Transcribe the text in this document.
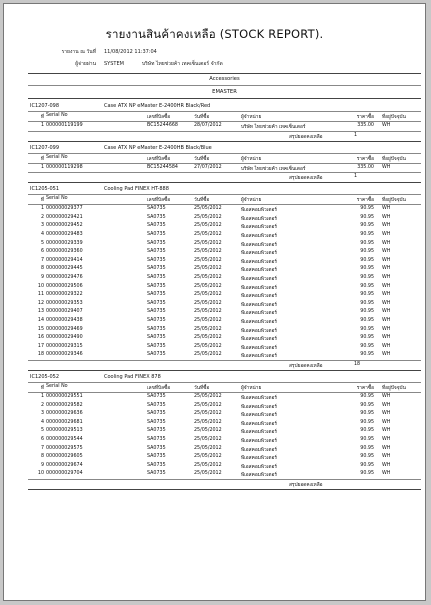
รายงานสินค้าคงเหลือ (STOCK REPORT).
รายงาน ณ วันที่ 11/08/2012 11:37:04
ผู้จ่ายผ่าน SYSTEM	บริษัท ไทยช่วยค้า เทคเซ็นเตอร์ จำกัด
Accessories
EMASTER
IC1207-098	Case ATX NP eMaster E-2400HR Black/Red
ที่ Serial No	เลขที่บิลซื้อ	วันที่ซื้อ	ผู้จำหน่าย	ราคาซื้อ ที่อยู่ปัจจุบัน
1 000000119199	BC15244668	28/07/2012	บริษัท ไทยช่วยค้า เทคเซ็นเตอร์	335.00 WH
สรุปยอดคงเหลือ	1
IC1207-099	Case ATX NP eMaster E-2400HB Black/Blue
ที่ Serial No	เลขที่บิลซื้อ	วันที่ซื้อ	ผู้จำหน่าย	ราคาซื้อ ที่อยู่ปัจจุบัน
1 000000119298	BC15244584	27/07/2012	บริษัท ไทยช่วยค้า เทคเซ็นเตอร์	335.00 WH
สรุปยอดคงเหลือ	1
IC1205-051	Cooling Pad FINEX HT-888
ที่ Serial No	เลขที่บิลซื้อ	วันที่ซื้อ	ผู้จำหน่าย	ราคาซื้อ ที่อยู่ปัจจุบัน
1 000000029377	SA0735	25/05/2012	พีเอสคอมพิวเตอร์	90.95 WH
2 000000029421	SA0735	25/05/2012	พีเอสคอมพิวเตอร์	90.95 WH
3 000000029452	SA0735	25/05/2012	พีเอสคอมพิวเตอร์	90.95 WH
4 000000029483	SA0735	25/05/2012	พีเอสคอมพิวเตอร์	90.95 WH
5 000000029339	SA0735	25/05/2012	พีเอสคอมพิวเตอร์	90.95 WH
6 000000029360	SA0735	25/05/2012	พีเอสคอมพิวเตอร์	90.95 WH
7 000000029414	SA0735	25/05/2012	พีเอสคอมพิวเตอร์	90.95 WH
8 000000029445	SA0735	25/05/2012	พีเอสคอมพิวเตอร์	90.95 WH
9 000000029476	SA0735	25/05/2012	พีเอสคอมพิวเตอร์	90.95 WH
10 000000029506	SA0735	25/05/2012	พีเอสคอมพิวเตอร์	90.95 WH
11 000000029322	SA0735	25/05/2012	พีเอสคอมพิวเตอร์	90.95 WH
12 000000029353	SA0735	25/05/2012	พีเอสคอมพิวเตอร์	90.95 WH
13 000000029407	SA0735	25/05/2012	พีเอสคอมพิวเตอร์	90.95 WH
14 000000029438	SA0735	25/05/2012	พีเอสคอมพิวเตอร์	90.95 WH
15 000000029469	SA0735	25/05/2012	พีเอสคอมพิวเตอร์	90.95 WH
16 000000029490	SA0735	25/05/2012	พีเอสคอมพิวเตอร์	90.95 WH
17 000000029315	SA0735	25/05/2012	พีเอสคอมพิวเตอร์	90.95 WH
18 000000029346	SA0735	25/05/2012	พีเอสคอมพิวเตอร์	90.95 WH
สรุปยอดคงเหลือ	18
IC1205-052	Cooling Pad FINEX 878
ที่ Serial No	เลขที่บิลซื้อ	วันที่ซื้อ	ผู้จำหน่าย	ราคาซื้อ ที่อยู่ปัจจุบัน
1 000000029551	SA0735	25/05/2012	พีเอสคอมพิวเตอร์	90.95 WH
2 000000029582	SA0735	25/05/2012	พีเอสคอมพิวเตอร์	90.95 WH
3 000000029636	SA0735	25/05/2012	พีเอสคอมพิวเตอร์	90.95 WH
4 000000029681	SA0735	25/05/2012	พีเอสคอมพิวเตอร์	90.95 WH
5 000000029513	SA0735	25/05/2012	พีเอสคอมพิวเตอร์	90.95 WH
6 000000029544	SA0735	25/05/2012	พีเอสคอมพิวเตอร์	90.95 WH
7 000000029575	SA0735	25/05/2012	พีเอสคอมพิวเตอร์	90.95 WH
8 000000029605	SA0735	25/05/2012	พีเอสคอมพิวเตอร์	90.95 WH
9 000000029674	SA0735	25/05/2012	พีเอสคอมพิวเตอร์	90.95 WH
10 000000029704	SA0735	25/05/2012	พีเอสคอมพิวเตอร์	90.95 WH
สรุปยอดคงเหลือ
